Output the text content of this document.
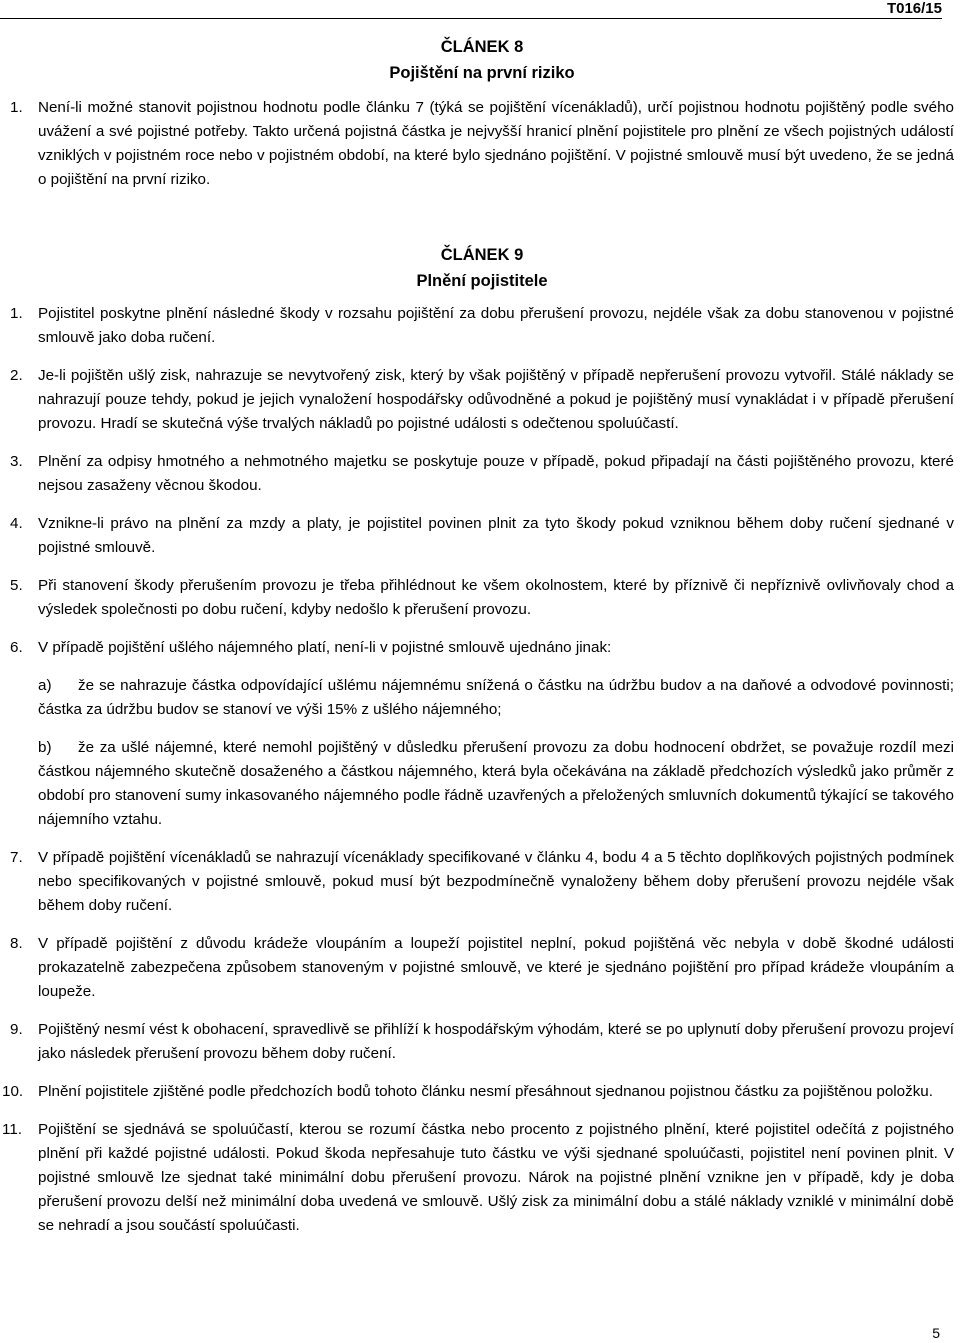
T016/15
ČLÁNEK 8
Pojištění na první riziko
1.	Není-li možné stanovit pojistnou hodnotu podle článku 7 (týká se pojištění vícenákladů), určí pojistnou hodnotu pojištěný podle svého uvážení a své pojistné potřeby. Takto určená pojistná částka je nejvyšší hranicí plnění pojistitele pro plnění ze všech pojistných událostí vzniklých v pojistném roce nebo v pojistném období, na které bylo sjednáno pojištění. V pojistné smlouvě musí být uvedeno, že se jedná o pojištění na první riziko.
ČLÁNEK 9
Plnění pojistitele
1.	Pojistitel poskytne plnění následné škody v rozsahu pojištění za dobu přerušení provozu, nejdéle však za dobu stanovenou v pojistné smlouvě jako doba ručení.
2.	Je-li pojištěn ušlý zisk, nahrazuje se nevytvořený zisk, který by však pojištěný v případě nepřerušení provozu vytvořil. Stálé náklady se nahrazují pouze tehdy, pokud je jejich vynaložení hospodářsky odůvodněné a pokud je pojištěný musí vynakládat i v případě přerušení provozu. Hradí se skutečná výše trvalých nákladů po pojistné události s odečtenou spoluúčastí.
3.	Plnění za odpisy hmotného a nehmotného majetku se poskytuje pouze v případě, pokud připadají na části pojištěného provozu, které nejsou zasaženy věcnou škodou.
4.	Vznikne-li právo na plnění za mzdy a platy, je pojistitel povinen plnit za tyto škody pokud vzniknou během doby ručení sjednané v pojistné smlouvě.
5.	Při stanovení škody přerušením provozu je třeba přihlédnout ke všem okolnostem, které by příznivě či nepříznivě ovlivňovaly chod a výsledek společnosti po dobu ručení, kdyby nedošlo k přerušení provozu.
6.	V případě pojištění ušlého nájemného platí, není-li v pojistné smlouvě ujednáno jinak:
a) že se nahrazuje částka odpovídající ušlému nájemnému snížená o částku na údržbu budov a na daňové a odvodové povinnosti; částka za údržbu budov se stanoví ve výši 15% z ušlého nájemného;
b) že za ušlé nájemné, které nemohl pojištěný v důsledku přerušení provozu za dobu hodnocení obdržet, se považuje rozdíl mezi částkou nájemného skutečně dosaženého a částkou nájemného, která byla očekávána na základě předchozích výsledků jako průměr z období pro stanovení sumy inkasovaného nájemného podle řádně uzavřených a přeložených smluvních dokumentů týkající se takového nájemního vztahu.
7.	V případě pojištění vícenákladů se nahrazují vícenáklady specifikované v článku 4, bodu 4 a 5 těchto doplňkových pojistných podmínek nebo specifikovaných v pojistné smlouvě, pokud musí být bezpodmínečně vynaloženy během doby přerušení provozu nejdéle však během doby ručení.
8.	V případě pojištění z důvodu krádeže vloupáním a loupeží pojistitel neplní, pokud pojištěná věc nebyla v době škodné události prokazatelně zabezpečena způsobem stanoveným v pojistné smlouvě, ve které je sjednáno pojištění pro případ krádeže vloupáním a loupeže.
9.	Pojištěný nesmí vést k obohacení, spravedlivě se přihlíží k hospodářským výhodám, které se po uplynutí doby přerušení provozu projeví jako následek přerušení provozu během doby ručení.
10. Plnění pojistitele zjištěné podle předchozích bodů tohoto článku nesmí přesáhnout sjednanou pojistnou částku za pojištěnou položku.
11.	Pojištění se sjednává se spoluúčastí, kterou se rozumí částka nebo procento z pojistného plnění, které pojistitel odečítá z pojistného plnění při každé pojistné události. Pokud škoda nepřesahuje tuto částku ve výši sjednané spoluúčasti, pojistitel není povinen plnit. V pojistné smlouvě lze sjednat také minimální dobu přerušení provozu. Nárok na pojistné plnění vznikne jen v případě, kdy je doba přerušení provozu delší než minimální doba uvedená ve smlouvě. Ušlý zisk za minimální dobu a stálé náklady vzniklé v minimální době se nehradí a jsou součástí spoluúčasti.
5
